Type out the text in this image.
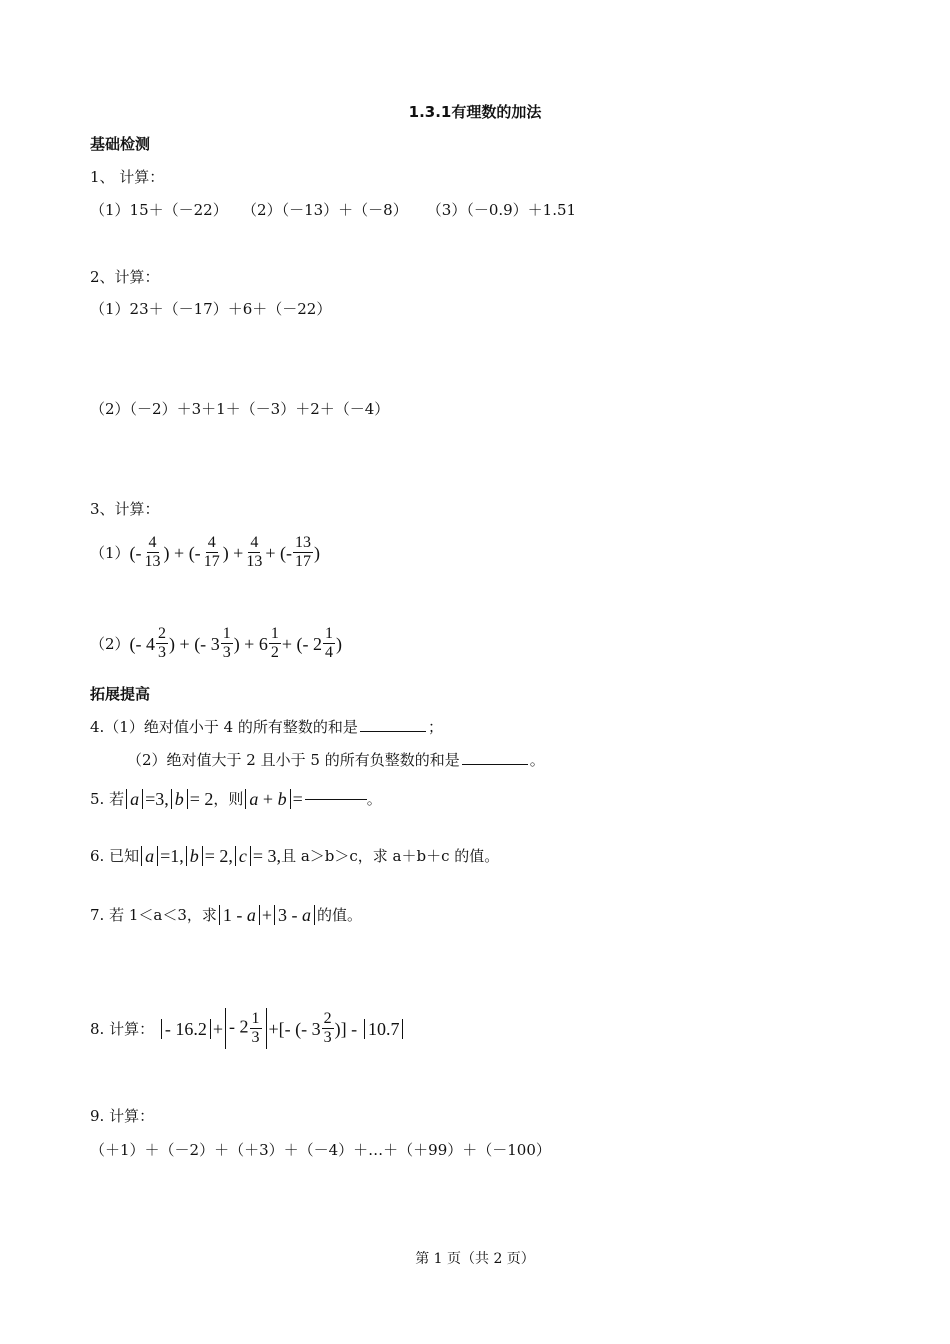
1.3.1有理数的加法
基础检测
1、 计算：
（1）15＋（－22）   （2）（－13）＋（－8）    （3）（－0.9）＋1.51
2、计算：
（1）23＋（－17）＋6＋（－22）
（2）（－2）＋3＋1＋（－3）＋2＋（－4）
3、计算：
（1） (- $\frac{4}{13}$ ) + (- $\frac{4}{17}$ ) + $\frac{4}{13}$ + (- $\frac{13}{17}$ )
（2） (- $4 \frac{2}{3}$ ) + (- $3 \frac{1}{3}$ ) + $6 \frac{1}{2}$ + (- $2 \frac{1}{4}$ )
拓展提高
4.（1）绝对值小于 4 的所有整数的和是	；
（2）绝对值大于 2 且小于 5 的所有负整数的和是	。
5. 若 a =3, b = 2 ，则 a + b =	。
6. 已知 a =1, b = 2, c = 3, 且 a＞b＞c，求 a＋b＋c 的值。
7. 若 1＜a＜3，求 1 - a + 3 - a 的值。
8. 计算：
- 16.2 + - $2 \frac{1}{3}$ +[- (- $3 \frac{2}{3}$ )] -
10.7
9. 计算：
（＋1）＋（－2）＋（＋3）＋（－4）＋…＋（＋99）＋（－100）
第 1 页（共 2 页）
